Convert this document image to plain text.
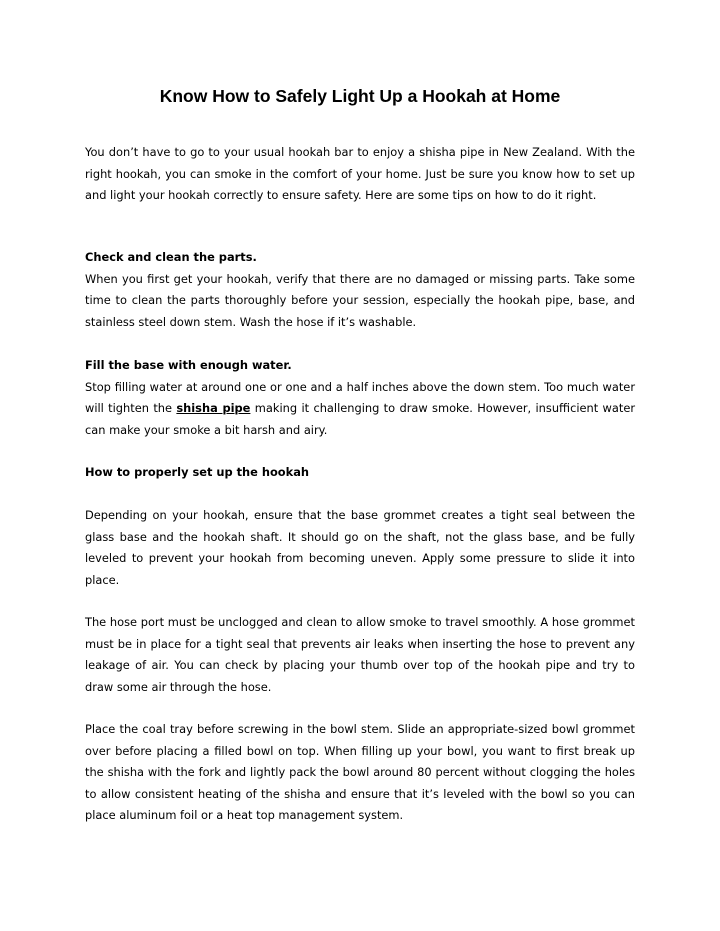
Know How to Safely Light Up a Hookah at Home

You don’t have to go to your usual hookah bar to enjoy a shisha pipe in New Zealand. With the right hookah, you can smoke in the comfort of your home. Just be sure you know how to set up and light your hookah correctly to ensure safety. Here are some tips on how to do it right.

Check and clean the parts.
When you first get your hookah, verify that there are no damaged or missing parts. Take some time to clean the parts thoroughly before your session, especially the hookah pipe, base, and stainless steel down stem. Wash the hose if it’s washable.
Fill the base with enough water.
Stop filling water at around one or one and a half inches above the down stem. Too much water will tighten the shisha pipe making it challenging to draw smoke. However, insufficient water can make your smoke a bit harsh and airy.
How to properly set up the hookah

Depending on your hookah, ensure that the base grommet creates a tight seal between the glass base and the hookah shaft. It should go on the shaft, not the glass base, and be fully leveled to prevent your hookah from becoming uneven. Apply some pressure to slide it into place.

The hose port must be unclogged and clean to allow smoke to travel smoothly. A hose grommet must be in place for a tight seal that prevents air leaks when inserting the hose to prevent any leakage of air. You can check by placing your thumb over top of the hookah pipe and try to draw some air through the hose.

Place the coal tray before screwing in the bowl stem. Slide an appropriate-sized bowl grommet over before placing a filled bowl on top. When filling up your bowl, you want to first break up the shisha with the fork and lightly pack the bowl around 80 percent without clogging the holes to allow consistent heating of the shisha and ensure that it’s leveled with the bowl so you can place aluminum foil or a heat top management system.
